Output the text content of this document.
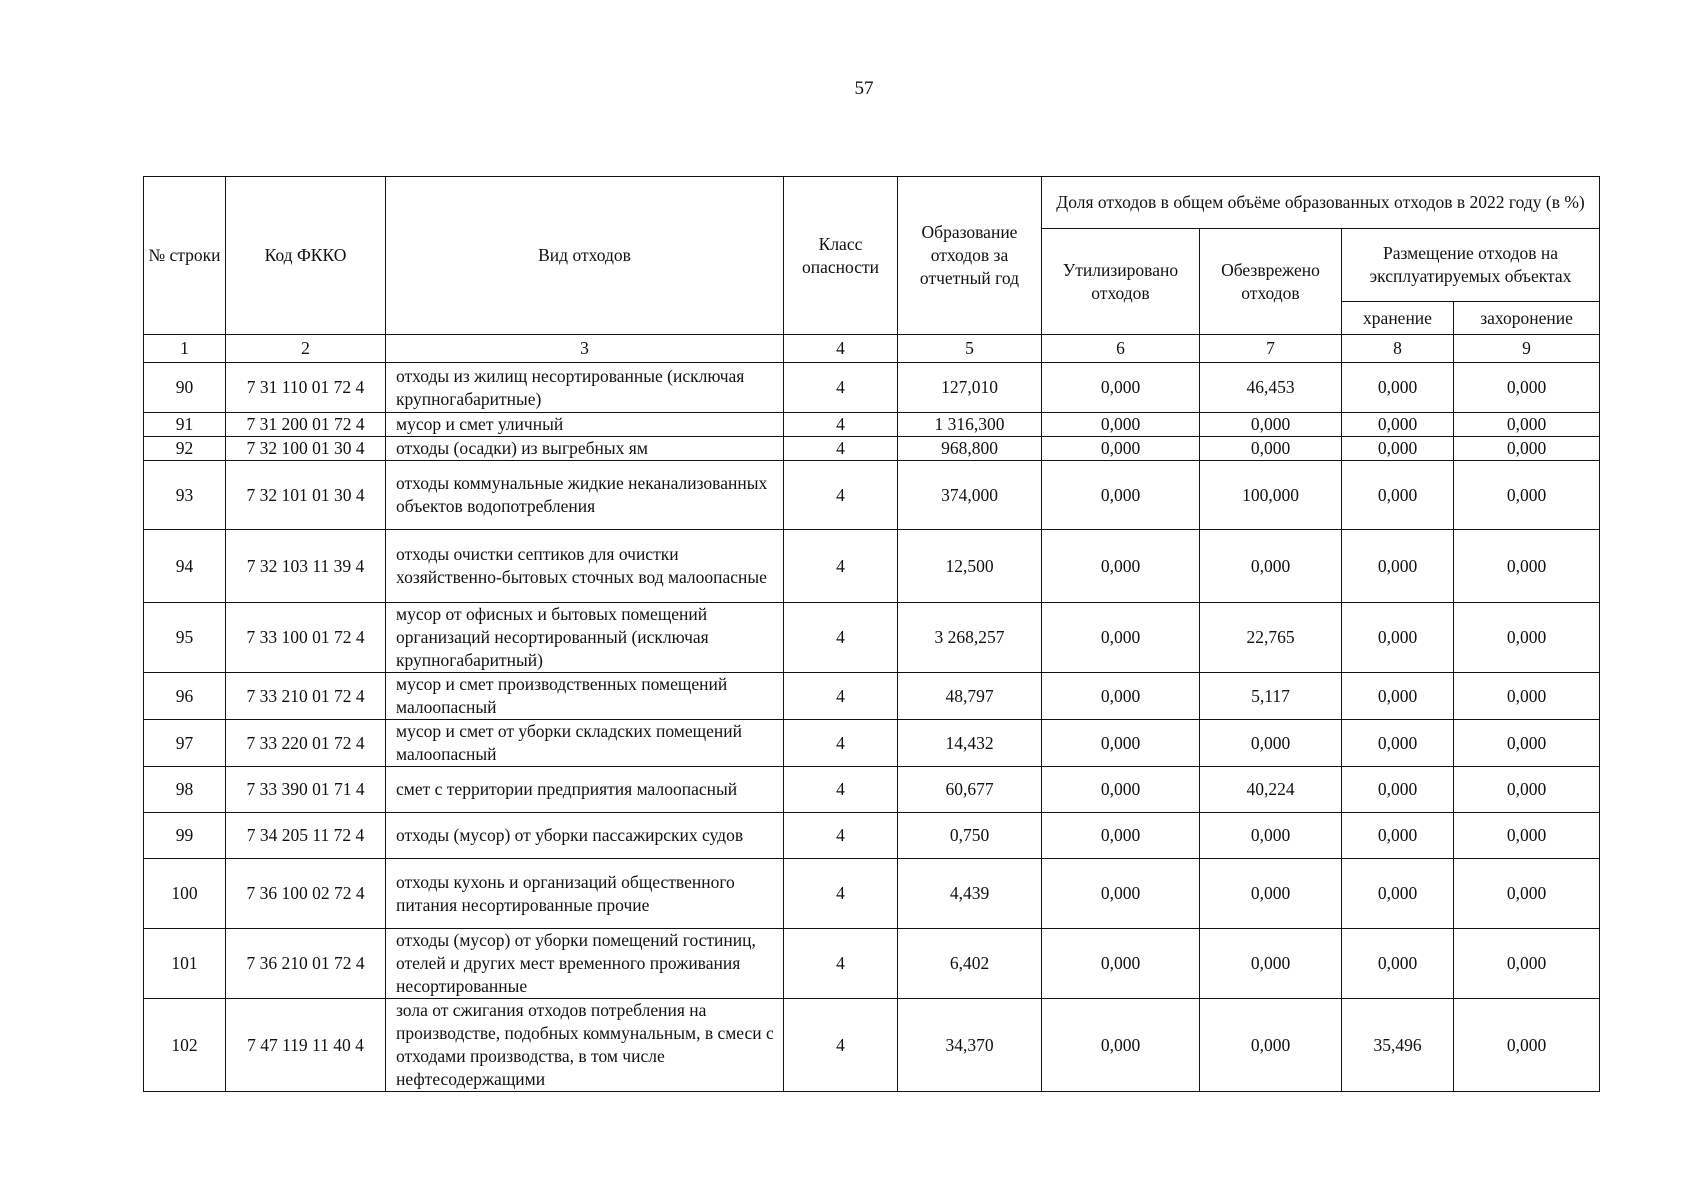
57
№ строки	Код ФККО	Вид отходов	Класс опасности	Образование отходов за отчетный год	Доля отходов в общем объёме образованных отходов в 2022 году (в %)			
					Утилизировано отходов	Обезврежено отходов	Размещение отходов на эксплуатируемых объектах	
							хранение	захоронение
1	2	3	4	5	6	7	8	9
90	7 31 110 01 72 4	отходы из жилищ несортированные (исключая крупногабаритные)	4	127,010	0,000	46,453	0,000	0,000
91	7 31 200 01 72 4	мусор и смет уличный	4	1 316,300	0,000	0,000	0,000	0,000
92	7 32 100 01 30 4	отходы (осадки) из выгребных ям	4	968,800	0,000	0,000	0,000	0,000
93	7 32 101 01 30 4	отходы коммунальные жидкие неканализованных объектов водопотребления	4	374,000	0,000	100,000	0,000	0,000
94	7 32 103 11 39 4	отходы очистки септиков для очистки хозяйственно-бытовых сточных вод малоопасные	4	12,500	0,000	0,000	0,000	0,000
95	7 33 100 01 72 4	мусор от офисных и бытовых помещений организаций несортированный (исключая крупногабаритный)	4	3 268,257	0,000	22,765	0,000	0,000
96	7 33 210 01 72 4	мусор и смет производственных помещений малоопасный	4	48,797	0,000	5,117	0,000	0,000
97	7 33 220 01 72 4	мусор и смет от уборки складских помещений малоопасный	4	14,432	0,000	0,000	0,000	0,000
98	7 33 390 01 71 4	смет с территории предприятия малоопасный	4	60,677	0,000	40,224	0,000	0,000
99	7 34 205 11 72 4	отходы (мусор) от уборки пассажирских судов	4	0,750	0,000	0,000	0,000	0,000
100	7 36 100 02 72 4	отходы кухонь и организаций общественного питания несортированные прочие	4	4,439	0,000	0,000	0,000	0,000
101	7 36 210 01 72 4	отходы (мусор) от уборки помещений гостиниц, отелей и других мест временного проживания несортированные	4	6,402	0,000	0,000	0,000	0,000
102	7 47 119 11 40 4	зола от сжигания отходов потребления на производстве, подобных коммунальным, в смеси с отходами производства, в том числе нефтесодержащими	4	34,370	0,000	0,000	35,496	0,000
